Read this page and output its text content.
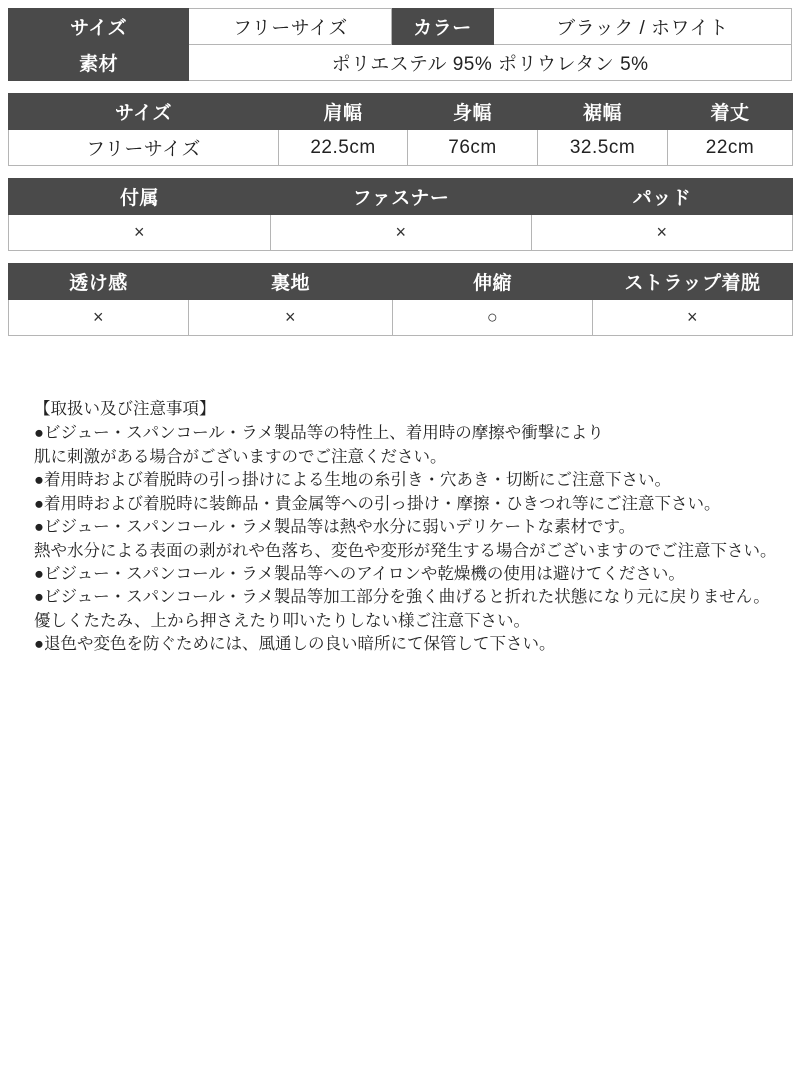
サイズ	フリーサイズ	カラー	ブラック / ホワイト
素材	ポリエステル 95% ポリウレタン 5%		
サイズ	肩幅	身幅	裾幅	着丈
フリーサイズ	22.5cm	76cm	32.5cm	22cm
付属	ファスナー	パッド
×	×	×
透け感	裏地	伸縮	ストラップ着脱
×	×	○	×
【取扱い及び注意事項】
●ビジュー・スパンコール・ラメ製品等の特性上、着用時の摩擦や衝撃により
肌に刺激がある場合がございますのでご注意ください。
●着用時および着脱時の引っ掛けによる生地の糸引き・穴あき・切断にご注意下さい。
●着用時および着脱時に装飾品・貴金属等への引っ掛け・摩擦・ひきつれ等にご注意下さい。
●ビジュー・スパンコール・ラメ製品等は熱や水分に弱いデリケートな素材です。
熱や水分による表面の剥がれや色落ち、変色や変形が発生する場合がございますのでご注意下さい。
●ビジュー・スパンコール・ラメ製品等へのアイロンや乾燥機の使用は避けてください。
●ビジュー・スパンコール・ラメ製品等加工部分を強く曲げると折れた状態になり元に戻りません。
優しくたたみ、上から押さえたり叩いたりしない様ご注意下さい。
●退色や変色を防ぐためには、風通しの良い暗所にて保管して下さい。
